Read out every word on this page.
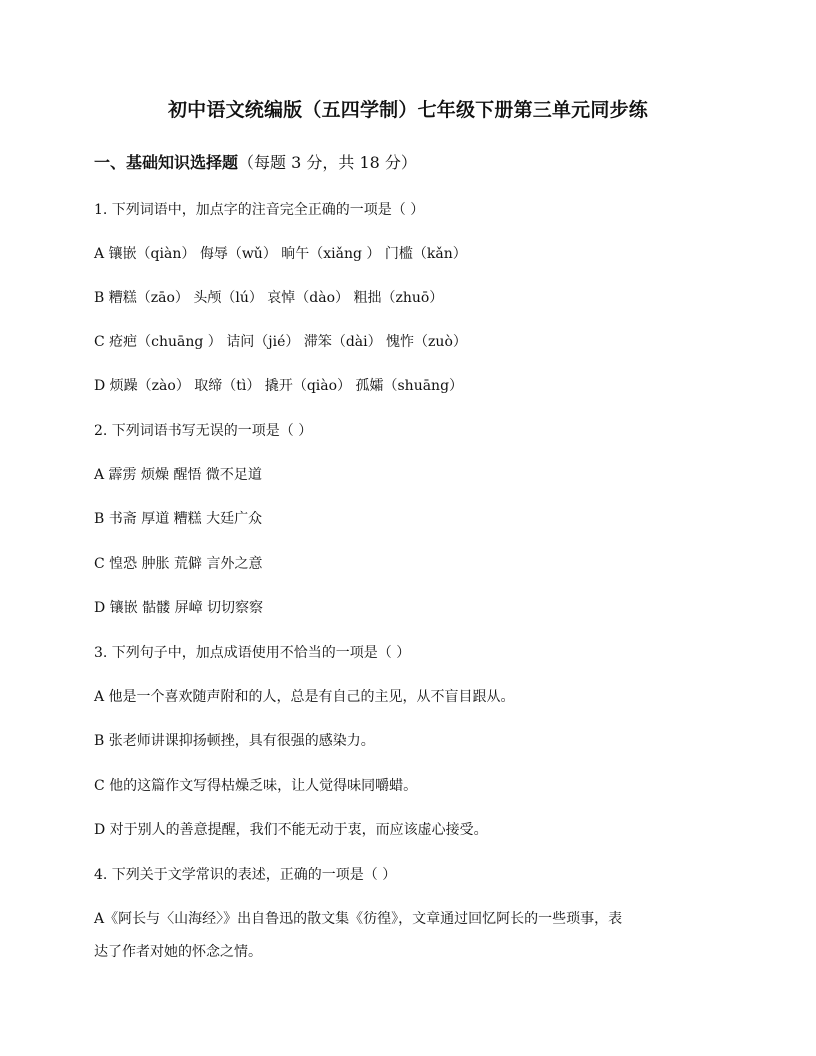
初中语文统编版（五四学制）七年级下册第三单元同步练
一、基础知识选择题（每题 3 分，共 18 分）
1. 下列词语中，加点字的注音完全正确的一项是（ ）
A 镶嵌（qiàn） 侮辱（wǔ） 晌午（xiǎng ） 门槛（kǎn）
B 糟糕（zāo） 头颅（lú） 哀悼（dào） 粗拙（zhuō）
C 疮疤（chuāng ） 诘问（jié） 滞笨（dài） 愧怍（zuò）
D 烦躁（zào） 取缔（tì） 撬开（qiào） 孤孀（shuāng）
2. 下列词语书写无误的一项是（ ）
A 霹雳 烦燥 醒悟 微不足道
B 书斋 厚道 糟糕 大廷广众
C 惶恐 肿胀 荒僻 言外之意
D 镶嵌 骷髅 屏嶂 切切察察
3. 下列句子中，加点成语使用不恰当的一项是（ ）
A 他是一个喜欢随声附和的人，总是有自己的主见，从不盲目跟从。
B 张老师讲课抑扬顿挫，具有很强的感染力。
C 他的这篇作文写得枯燥乏味，让人觉得味同嚼蜡。
D 对于别人的善意提醒，我们不能无动于衷，而应该虚心接受。
4. 下列关于文学常识的表述，正确的一项是（ ）
A《阿长与〈山海经〉》出自鲁迅的散文集《彷徨》，文章通过回忆阿长的一些琐事，表
达了作者对她的怀念之情。
